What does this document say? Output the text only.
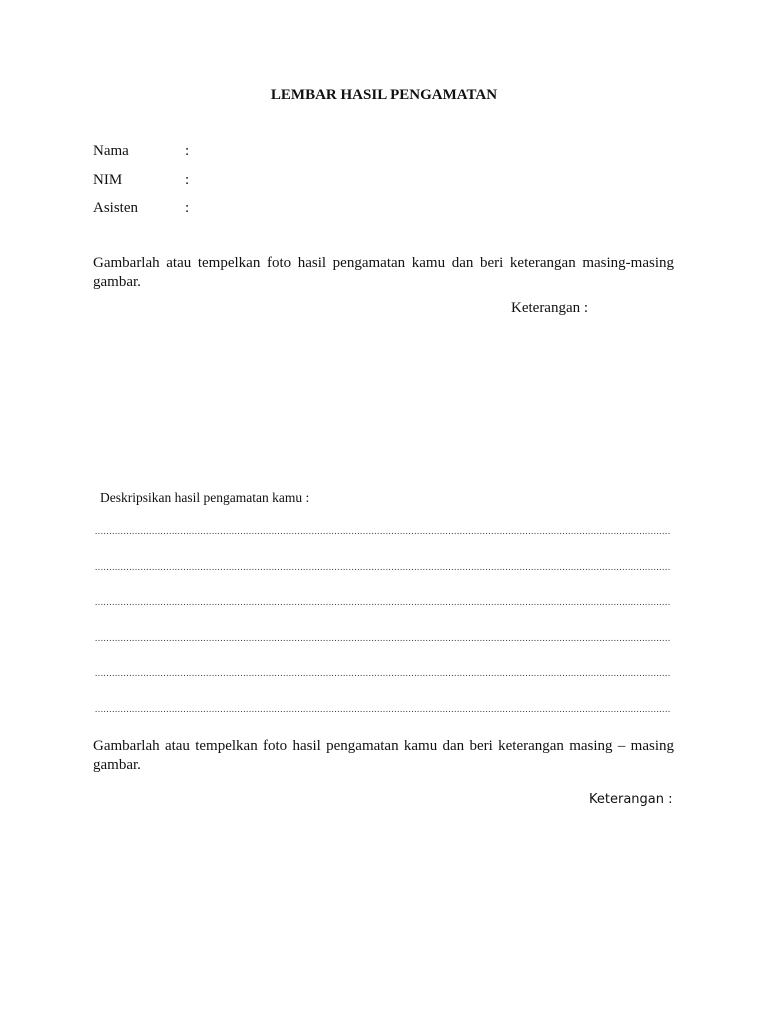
LEMBAR HASIL PENGAMATAN
Nama	:
NIM	:
Asisten	:
Gambarlah atau tempelkan foto hasil pengamatan kamu dan beri keterangan masing-masing gambar.
Keterangan :
Deskripsikan hasil pengamatan kamu :
..........................................................................................................................................................................................................
..........................................................................................................................................................................................................
..........................................................................................................................................................................................................
..........................................................................................................................................................................................................
..........................................................................................................................................................................................................
..........................................................................................................................................................................................................
Gambarlah atau tempelkan foto hasil pengamatan kamu dan beri keterangan masing – masing gambar.
Keterangan :
